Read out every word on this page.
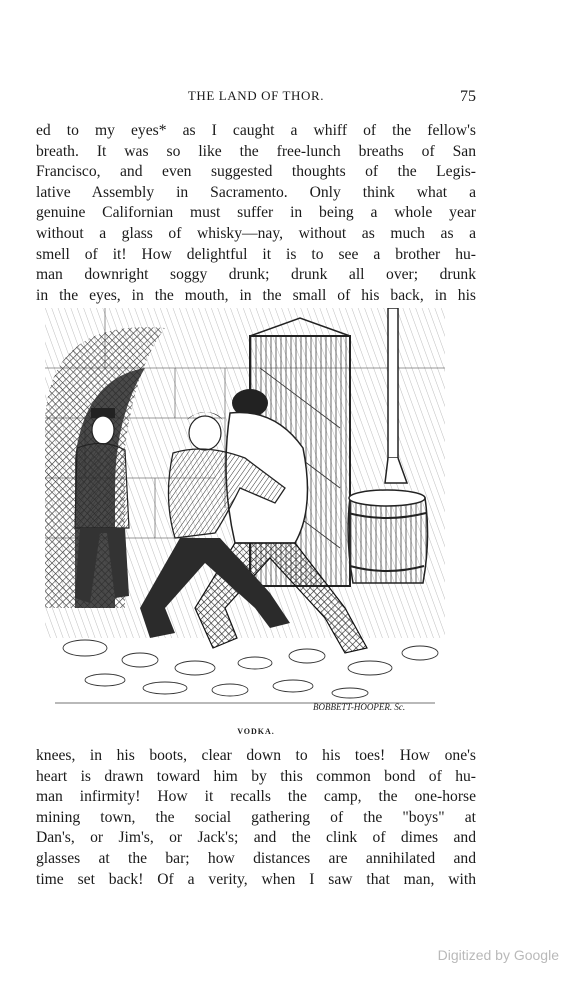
THE LAND OF THOR.	75

ed to my eyes* as I caught a whiff of the fellow's
breath. It was so like the free-lunch breaths of San
Francisco, and even suggested thoughts of the Legis-
lative Assembly in Sacramento. Only think what a
genuine Californian must suffer in being a whole year
without a glass of whisky—nay, without as much as a
smell of it! How delightful it is to see a brother hu-
man downright soggy drunk; drunk all over; drunk
in the eyes, in the mouth, in the small of his back, in his

BOBBETT-HOOPER. Sc.
VODKA.

knees, in his boots, clear down to his toes! How one's
heart is drawn toward him by this common bond of hu-
man infirmity! How it recalls the camp, the one-horse
mining town, the social gathering of the "boys" at
Dan's, or Jim's, or Jack's; and the clink of dimes and
glasses at the bar; how distances are annihilated and
time set back! Of a verity, when I saw that man, with

Digitized by Google
